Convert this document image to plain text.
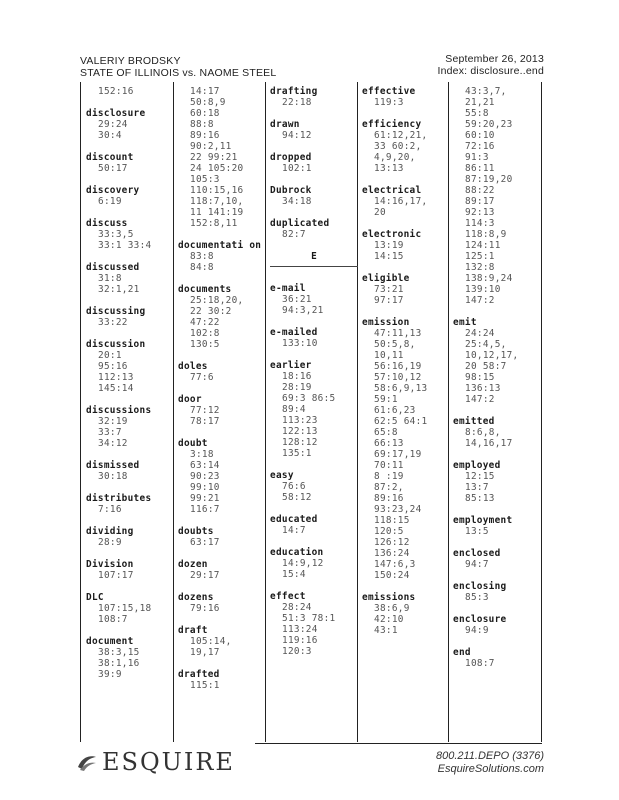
VALERIY BRODSKY
STATE OF ILLINOIS vs. NAOME STEEL
September 26, 2013
Index: disclosure..end
152:16
disclosure
29:24
30:4
discount
50:17
discovery
6:19
discuss
33:3,5
33:1 33:4
discussed
31:8
32:1,21
discussing
33:22
discussion
20:1
95:16
112:13
145:14
discussions
32:19
33:7
34:12
dismissed
30:18
distributes
7:16
dividing
28:9
Division
107:17
DLC
107:15,18
108:7
document
38:3,15
38:1,16
39:9
14:17
50:8,9
60:18
88:8
89:16
90:2,11
22 99:21
24 105:20
105:3
110:15,16
118:7,10,
11 141:19
152:8,11
documentati on
83:8
84:8
documents
25:18,20,
22 30:2
47:22
102:8
130:5
doles
77:6
door
77:12
78:17
doubt
3:18
63:14
90:23
99:10
99:21
116:7
doubts
63:17
dozen
29:17
dozens
79:16
draft
105:14,
19,17
drafted
115:1
drafting
22:18
drawn
94:12
dropped
102:1
Dubrock
34:18
duplicated
82:7
E
e-mail
36:21
94:3,21
e-mailed
133:10
earlier
18:16
28:19
69:3 86:5
89:4
113:23
122:13
128:12
135:1
easy
76:6
58:12
educated
14:7
education
14:9,12
15:4
effect
28:24
51:3 78:1
113:24
119:16
120:3
effective
119:3
efficiency
61:12,21,
33 60:2,
4,9,20,
13:13
electrical
14:16,17,
20
electronic
13:19
14:15
eligible
73:21
97:17
emission
47:11,13
50:5,8,
10,11
56:16,19
57:10,12
58:6,9,13
59:1
61:6,23
62:5 64:1
65:8
66:13
69:17,19
70:11
8 :19
87:2,
89:16
93:23,24
118:15
120:5
126:12
136:24
147:6,3
150:24
emissions
38:6,9
42:10
43:1
43:3,7,
21,21
55:8
59:20,23
60:10
72:16
91:3
86:11
87:19,20
88:22
89:17
92:13
114:3
118:8,9
124:11
125:1
132:8
138:9,24
139:10
147:2
emit
24:24
25:4,5,
10,12,17,
20 58:7
98:15
136:13
147:2
emitted
8:6,8,
14,16,17
employed
12:15
13:7
85:13
employment
13:5
enclosed
94:7
enclosing
85:3
enclosure
94:9
end
108:7
ESQUIRE	800.211.DEPO (3376)
EsquireSolutions.com
